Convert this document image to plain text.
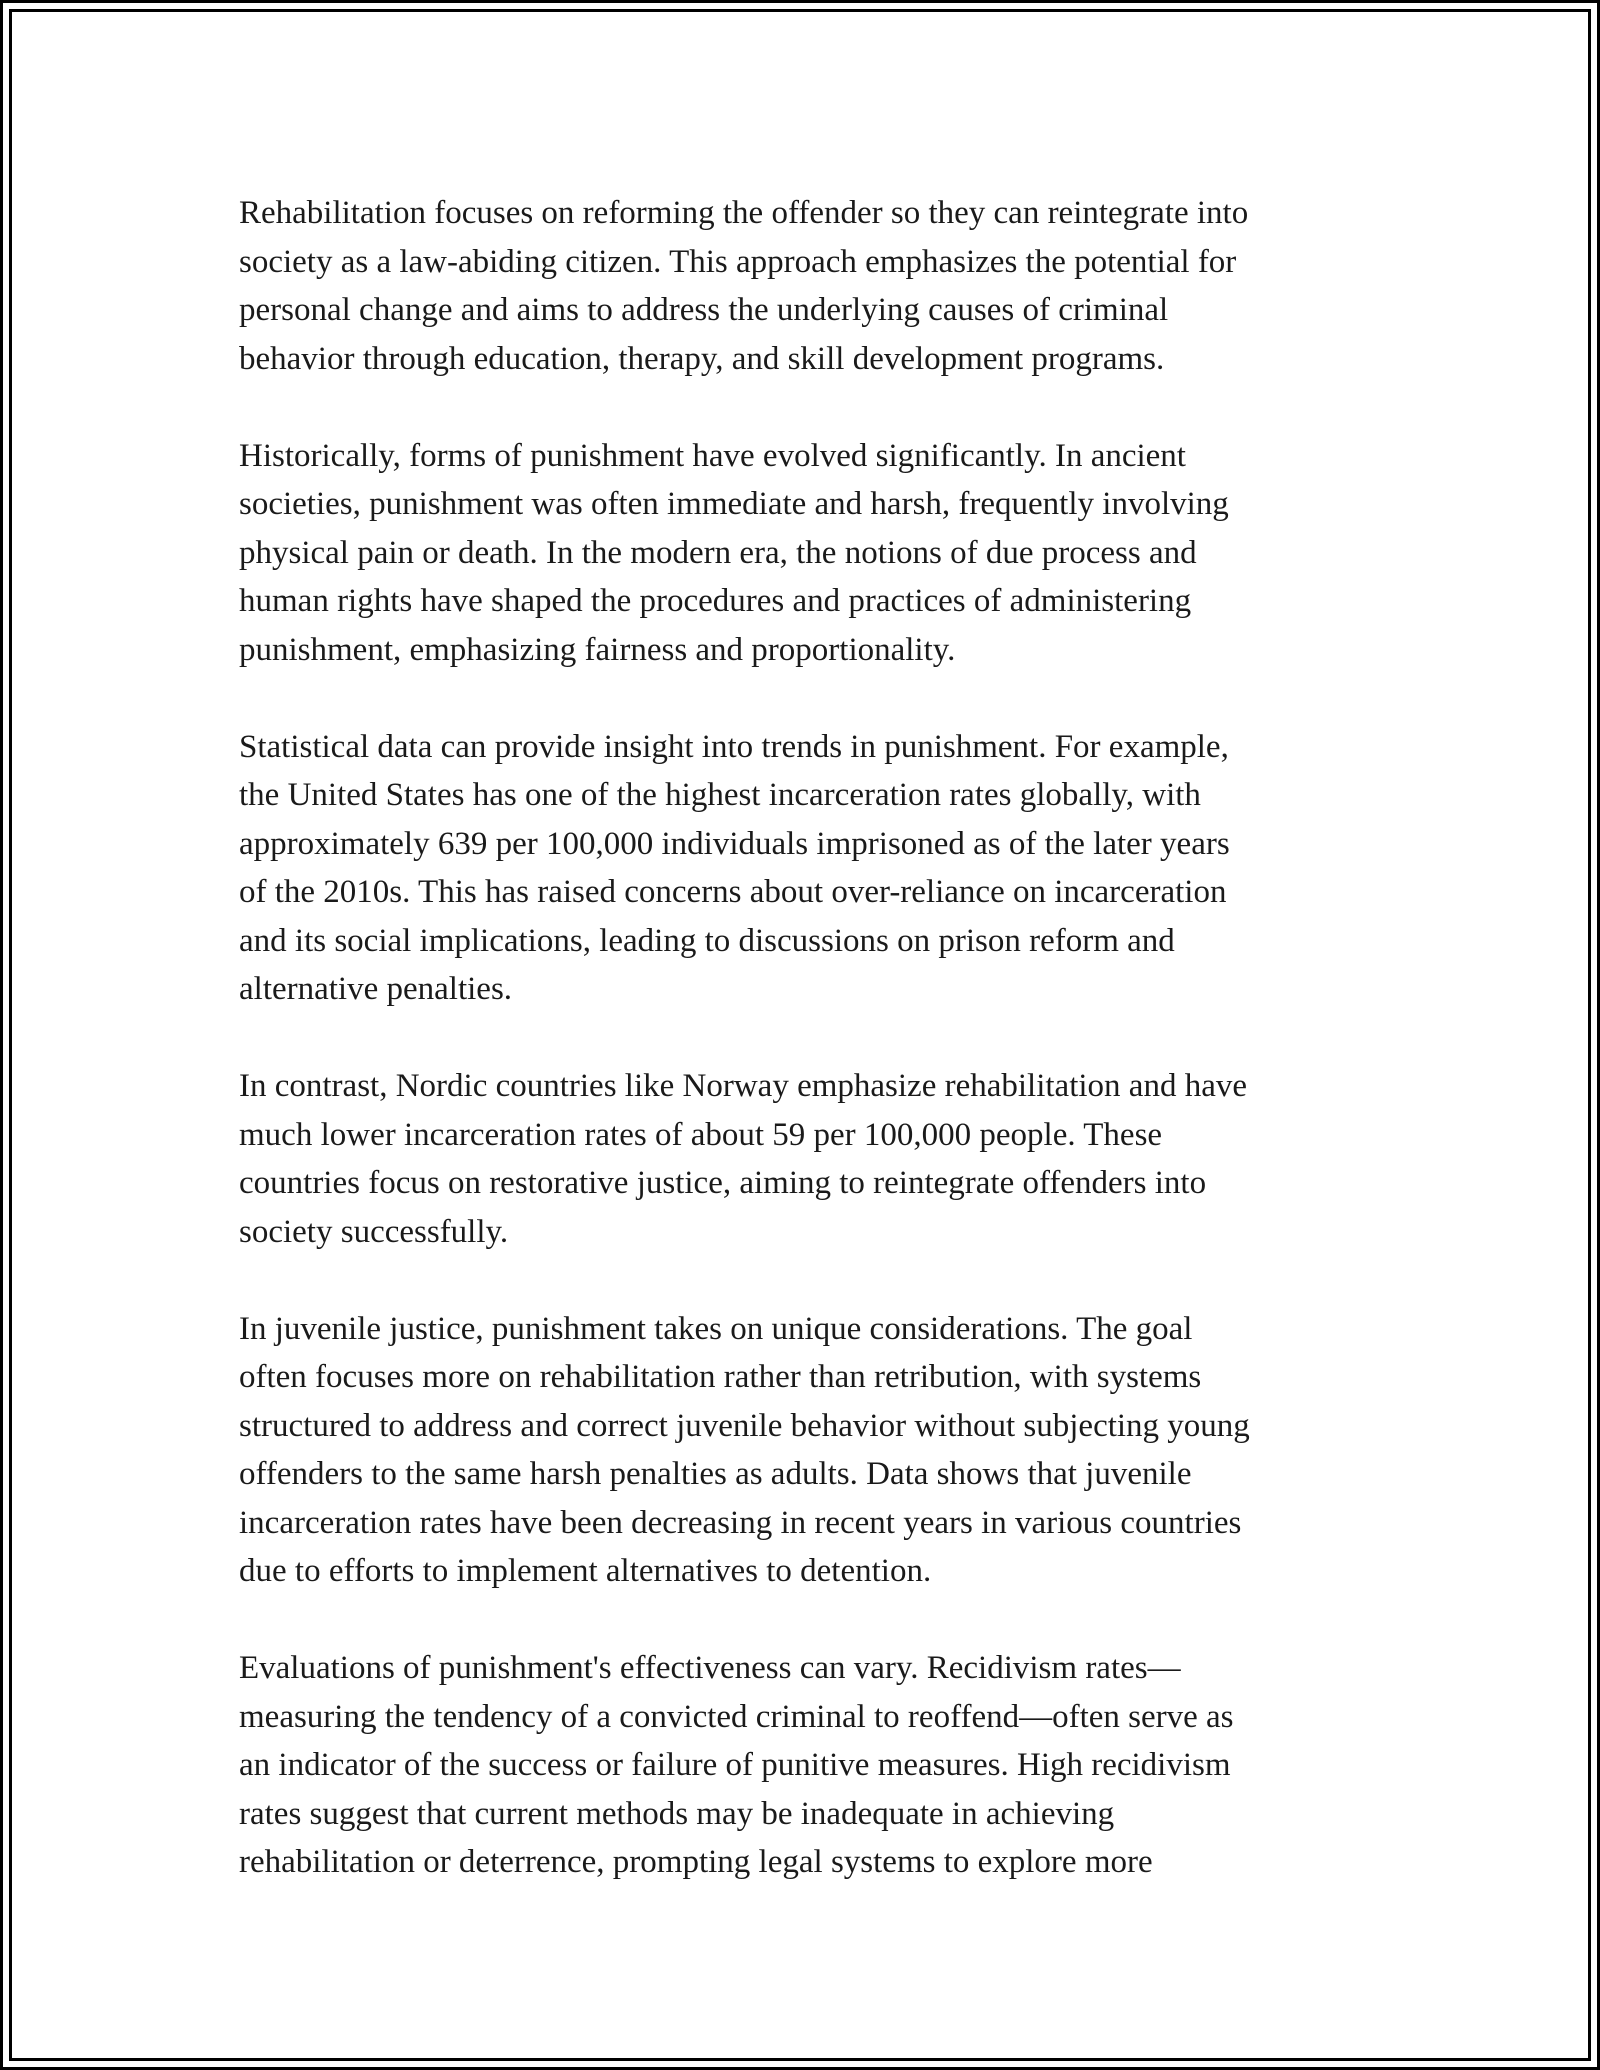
Rehabilitation focuses on reforming the offender so they can reintegrate into
society as a law-abiding citizen. This approach emphasizes the potential for
personal change and aims to address the underlying causes of criminal
behavior through education, therapy, and skill development programs.

Historically, forms of punishment have evolved significantly. In ancient
societies, punishment was often immediate and harsh, frequently involving
physical pain or death. In the modern era, the notions of due process and
human rights have shaped the procedures and practices of administering
punishment, emphasizing fairness and proportionality.

Statistical data can provide insight into trends in punishment. For example,
the United States has one of the highest incarceration rates globally, with
approximately 639 per 100,000 individuals imprisoned as of the later years
of the 2010s. This has raised concerns about over-reliance on incarceration
and its social implications, leading to discussions on prison reform and
alternative penalties.

In contrast, Nordic countries like Norway emphasize rehabilitation and have
much lower incarceration rates of about 59 per 100,000 people. These
countries focus on restorative justice, aiming to reintegrate offenders into
society successfully.

In juvenile justice, punishment takes on unique considerations. The goal
often focuses more on rehabilitation rather than retribution, with systems
structured to address and correct juvenile behavior without subjecting young
offenders to the same harsh penalties as adults. Data shows that juvenile
incarceration rates have been decreasing in recent years in various countries
due to efforts to implement alternatives to detention.

Evaluations of punishment's effectiveness can vary. Recidivism rates—
measuring the tendency of a convicted criminal to reoffend—often serve as
an indicator of the success or failure of punitive measures. High recidivism
rates suggest that current methods may be inadequate in achieving
rehabilitation or deterrence, prompting legal systems to explore more
